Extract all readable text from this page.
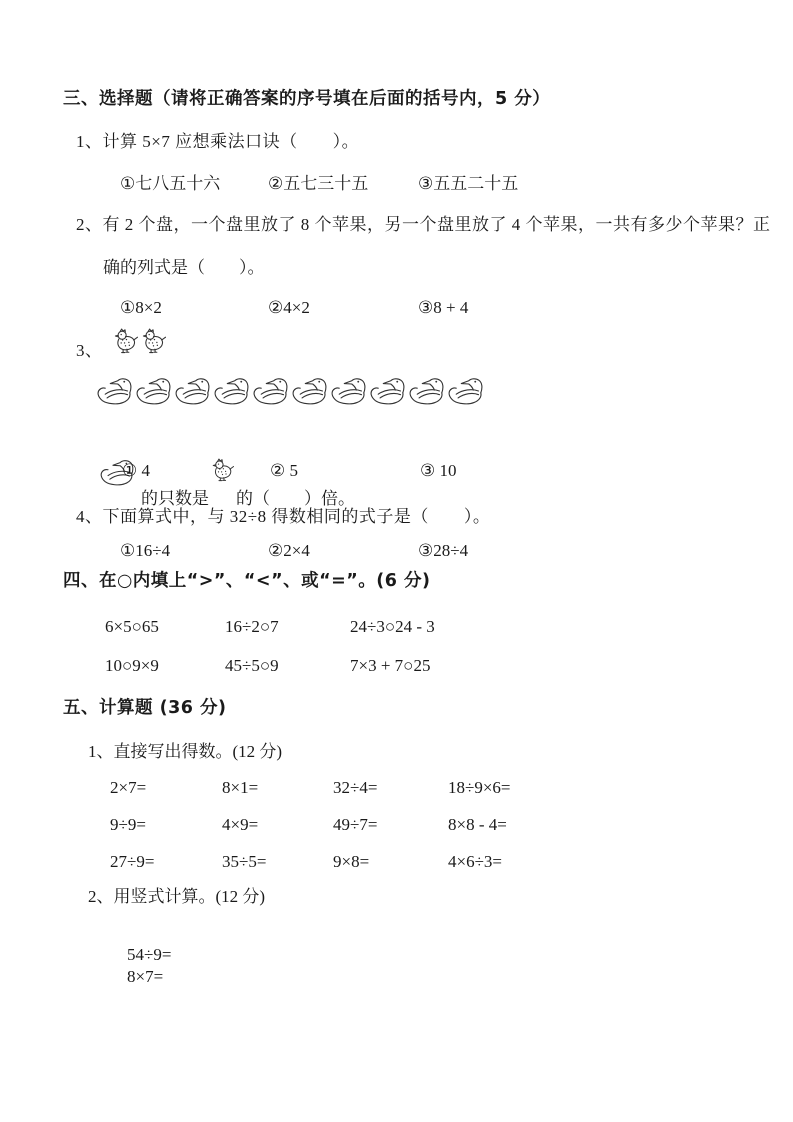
三、选择题（请将正确答案的序号填在后面的括号内，5 分）
1、计算 5×7 应想乘法口诀（　　）。
①七八五十六	②五七三十五	③五五二十五
2、有 2 个盘，一个盘里放了 8 个苹果，另一个盘里放了 4 个苹果，一共有多少个苹果？正
确的列式是（　　）。
①8×2	②4×2	③8 + 4
3、

的只数是

的（　　）倍。
① 4	② 5	③ 10
4、下面算式中，与 32÷8 得数相同的式子是（　　）。
①16÷4	②2×4	③28÷4
四、在○内填上“>”、“<”、或“=”。(6 分)
6×5○65	16÷2○7	24÷3○24 - 3
10○9×9	45÷5○9	7×3 + 7○25
五、计算题 (36 分)
1、直接写出得数。(12 分)
2×7=	8×1=	32÷4=	18÷9×6=
9÷9=	4×9=	49÷7=	8×8 - 4=
27÷9=	35÷5=	9×8=	4×6÷3=
2、用竖式计算。(12 分)

54÷9=
8×7=
